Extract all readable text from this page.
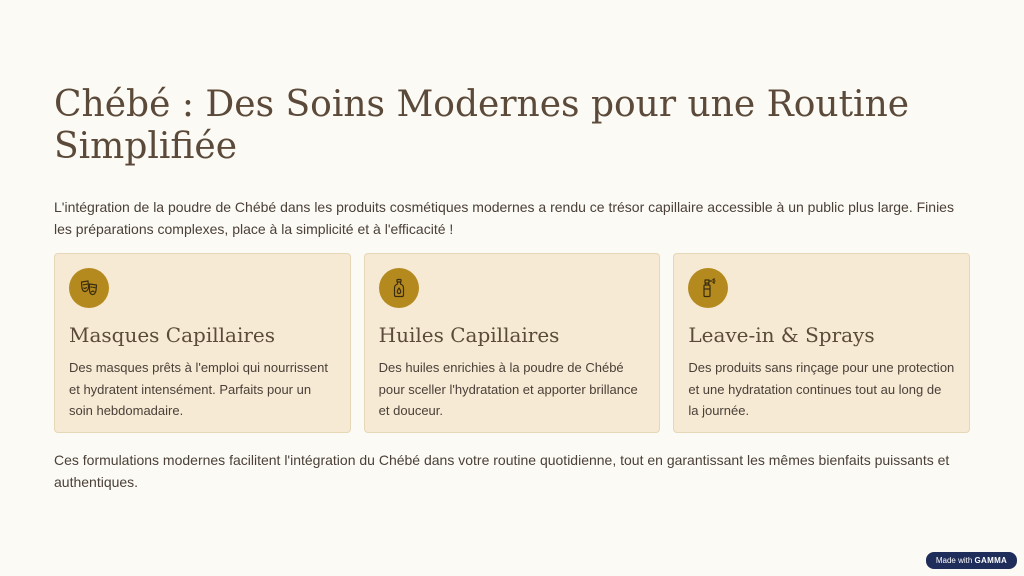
Chébé : Des Soins Modernes pour une Routine Simplifiée

L'intégration de la poudre de Chébé dans les produits cosmétiques modernes a rendu ce trésor capillaire accessible à un public plus large. Finies les préparations complexes, place à la simplicité et à l'efficacité !

Masques Capillaires
Des masques prêts à l'emploi qui nourrissent et hydratent intensément. Parfaits pour un soin hebdomadaire.
Huiles Capillaires
Des huiles enrichies à la poudre de Chébé pour sceller l'hydratation et apporter brillance et douceur.
Leave-in & Sprays
Des produits sans rinçage pour une protection et une hydratation continues tout au long de la journée.

Ces formulations modernes facilitent l'intégration du Chébé dans votre routine quotidienne, tout en garantissant les mêmes bienfaits puissants et authentiques.

Made with GAMMA
